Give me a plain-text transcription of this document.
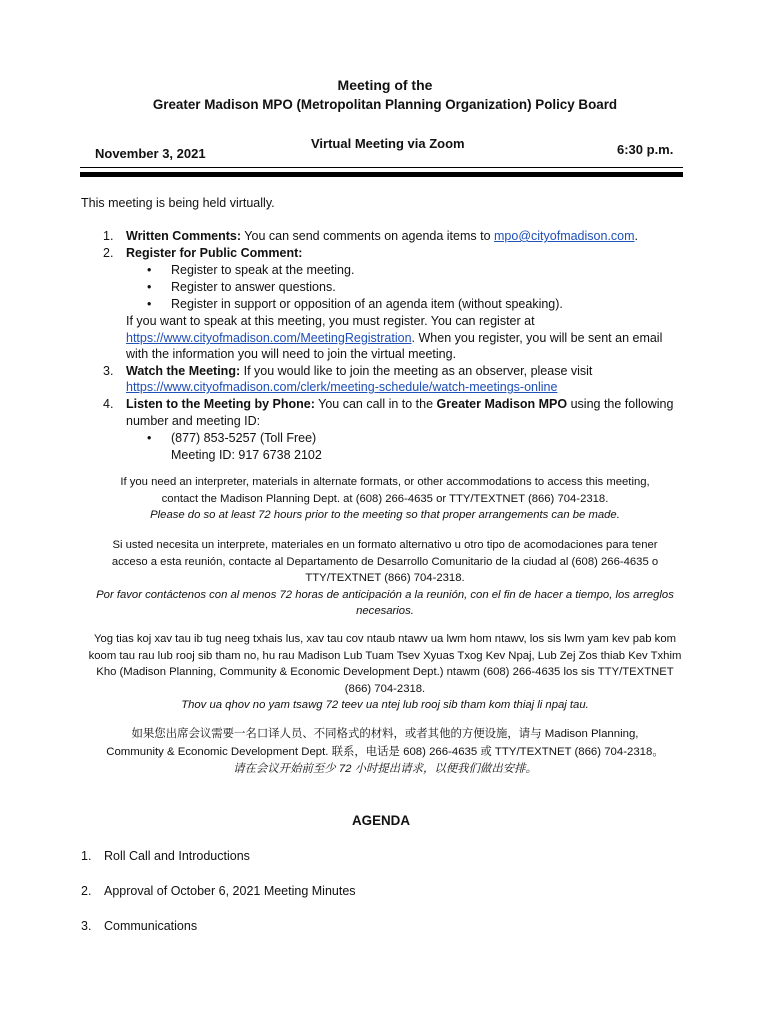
Meeting of the
Greater Madison MPO (Metropolitan Planning Organization) Policy Board
November 3, 2021
Virtual Meeting via Zoom	6:30 p.m.
This meeting is being held virtually.
1. Written Comments: You can send comments on agenda items to mpo@cityofmadison.com.
2. Register for Public Comment:
• Register to speak at the meeting.
• Register to answer questions.
• Register in support or opposition of an agenda item (without speaking).
If you want to speak at this meeting, you must register. You can register at
https://www.cityofmadison.com/MeetingRegistration. When you register, you will be sent an email
with the information you will need to join the virtual meeting.
3. Watch the Meeting: If you would like to join the meeting as an observer, please visit
https://www.cityofmadison.com/clerk/meeting-schedule/watch-meetings-online
4. Listen to the Meeting by Phone: You can call in to the Greater Madison MPO using the following
number and meeting ID:
• (877) 853-5257 (Toll Free)
Meeting ID: 917 6738 2102
If you need an interpreter, materials in alternate formats, or other accommodations to access this meeting,
contact the Madison Planning Dept. at (608) 266-4635 or TTY/TEXTNET (866) 704-2318.
Please do so at least 72 hours prior to the meeting so that proper arrangements can be made.
Si usted necesita un interprete, materiales en un formato alternativo u otro tipo de acomodaciones para tener
acceso a esta reunión, contacte al Departamento de Desarrollo Comunitario de la ciudad al (608) 266-4635 o
TTY/TEXTNET (866) 704-2318.
Por favor contáctenos con al menos 72 horas de anticipación a la reunión, con el fin de hacer a tiempo, los arreglos
necesarios.
Yog tias koj xav tau ib tug neeg txhais lus, xav tau cov ntaub ntawv ua lwm hom ntawv, los sis lwm yam kev pab kom
koom tau rau lub rooj sib tham no, hu rau Madison Lub Tuam Tsev Xyuas Txog Kev Npaj, Lub Zej Zos thiab Kev Txhim
Kho (Madison Planning, Community & Economic Development Dept.) ntawm (608) 266-4635 los sis TTY/TEXTNET
(866) 704-2318.
Thov ua qhov no yam tsawg 72 teev ua ntej lub rooj sib tham kom thiaj li npaj tau.
如果您出席会议需要一名口译人员、不同格式的材料，或者其他的方便设施，请与 Madison Planning,
Community & Economic Development Dept. 联系，电话是 608) 266-4635 或 TTY/TEXTNET (866) 704-2318。
请在会议开始前至少 72 小时提出请求，以便我们做出安排。
AGENDA
1. Roll Call and Introductions
2. Approval of October 6, 2021 Meeting Minutes
3. Communications
